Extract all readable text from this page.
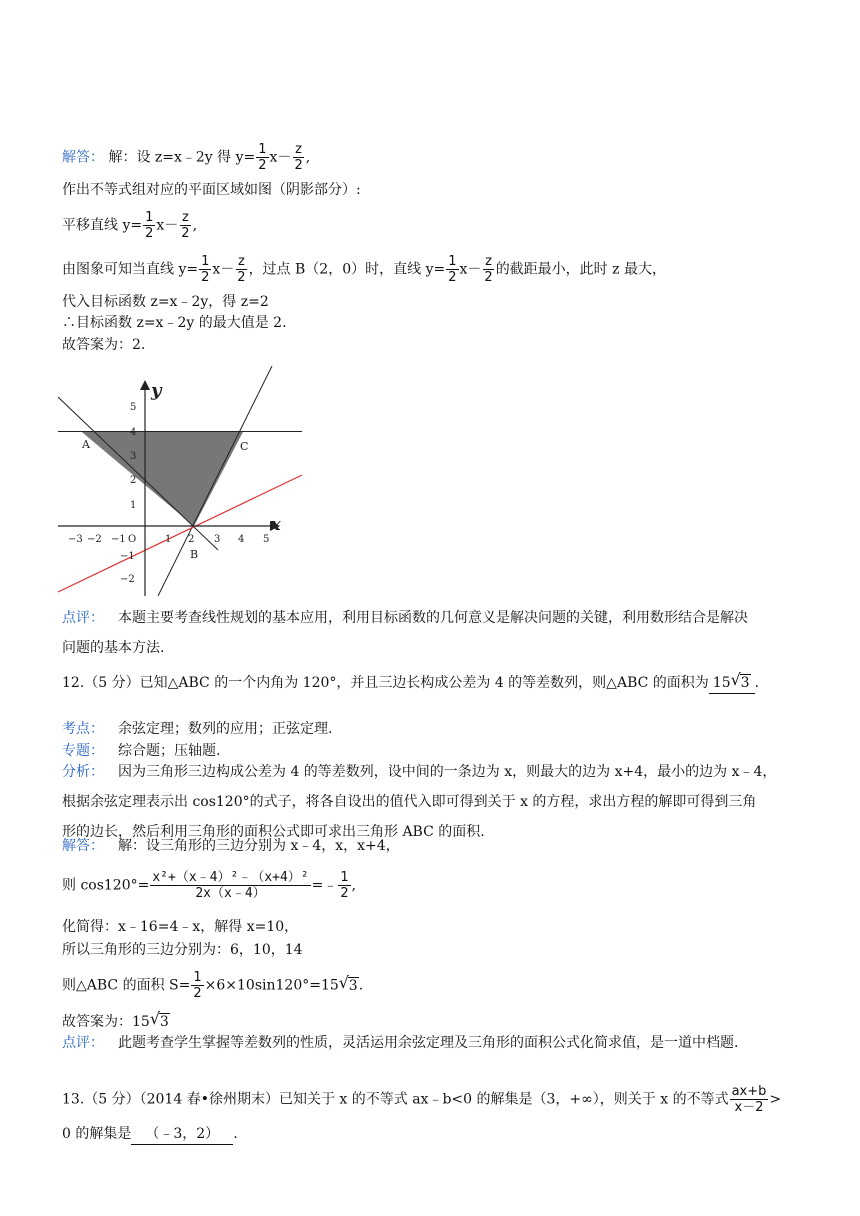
解答： 解：设 z=x﹣2y 得 $y= \frac{1}{2} x- \frac{z}{2}$ ,
作出不等式组对应的平面区域如图（阴影部分）:
平移直线 $y= \frac{1}{2} x- \frac{z}{2}$ ,
由图象可知当直线 $y= \frac{1}{2} x- \frac{z}{2}$ ，过点 B（2，0）时，直线 $y= \frac{1}{2} x- \frac{z}{2}$ 的截距最小，此时 z 最大，
代入目标函数 z=x﹣2y，得 z=2
∴目标函数 z=x﹣2y 的最大值是 2.
故答案为：2.
−3 −2 −1	1 2 3 4 5
5
4
3
2
1
−1
−2
O
A
B
C
x
y
点评： 本题主要考查线性规划的基本应用，利用目标函数的几何意义是解决问题的关键，利用数形结合是解决
问题的基本方法.
12.（5 分）已知△ABC 的一个内角为 120°，并且三边长构成公差为 4 的等差数列，则△ABC 的面积为 15 √ 3 .
考点： 余弦定理；数列的应用；正弦定理.
专题： 综合题；压轴题.
分析： 因为三角形三边构成公差为 4 的等差数列，设中间的一条边为 x，则最大的边为 x+4，最小的边为 x﹣4，
根据余弦定理表示出 cos120°的式子，将各自设出的值代入即可得到关于 x 的方程，求出方程的解即可得到三角
形的边长，然后利用三角形的面积公式即可求出三角形 ABC 的面积.
解答： 解：设三角形的三边分别为 x﹣4，x，x+4，
则 $\cos 120^\circ= \frac{\text{x²+（x﹣4）²﹣（x+4）²}}{2x(x﹣4)}$ =﹣ $\frac{1}{2}$ ,
化简得：x﹣16=4﹣x，解得 x=10，
所以三角形的三边分别为：6，10，14
则△ABC 的面积 $S= \frac{1}{2} \times 6\times 10\sin 120^\circ=15$ √ 3.
故答案为：15 √ 3
点评： 此题考查学生掌握等差数列的性质，灵活运用余弦定理及三角形的面积公式化简求值，是一道中档题.
13.（5 分）（2014 春•徐州期末）已知关于 x 的不等式 ax﹣b<0 的解集是（3，+∞），则关于 x 的不等式 $\frac{ax+b}{x-2}$ >
0 的解集是 （﹣3，2） .
